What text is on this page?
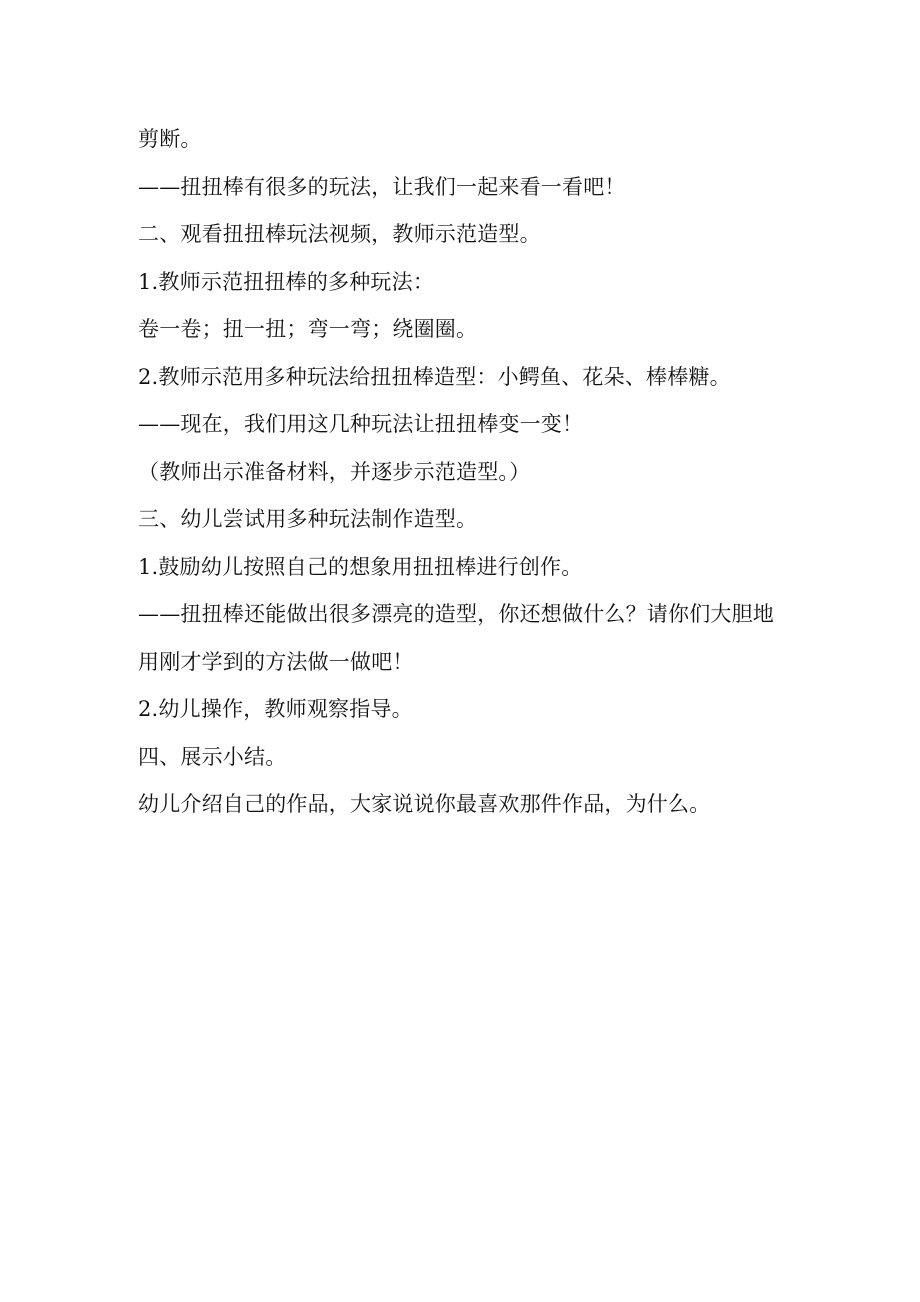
剪断。
——扭扭棒有很多的玩法，让我们一起来看一看吧！
二、观看扭扭棒玩法视频，教师示范造型。
1.教师示范扭扭棒的多种玩法：
卷一卷；扭一扭；弯一弯；绕圈圈。
2.教师示范用多种玩法给扭扭棒造型：小鳄鱼、花朵、棒棒糖。
——现在，我们用这几种玩法让扭扭棒变一变！
（教师出示准备材料，并逐步示范造型。）
三、幼儿尝试用多种玩法制作造型。
1.鼓励幼儿按照自己的想象用扭扭棒进行创作。
——扭扭棒还能做出很多漂亮的造型，你还想做什么？请你们大胆地
用刚才学到的方法做一做吧！
2.幼儿操作，教师观察指导。
四、展示小结。
幼儿介绍自己的作品，大家说说你最喜欢那件作品，为什么。
